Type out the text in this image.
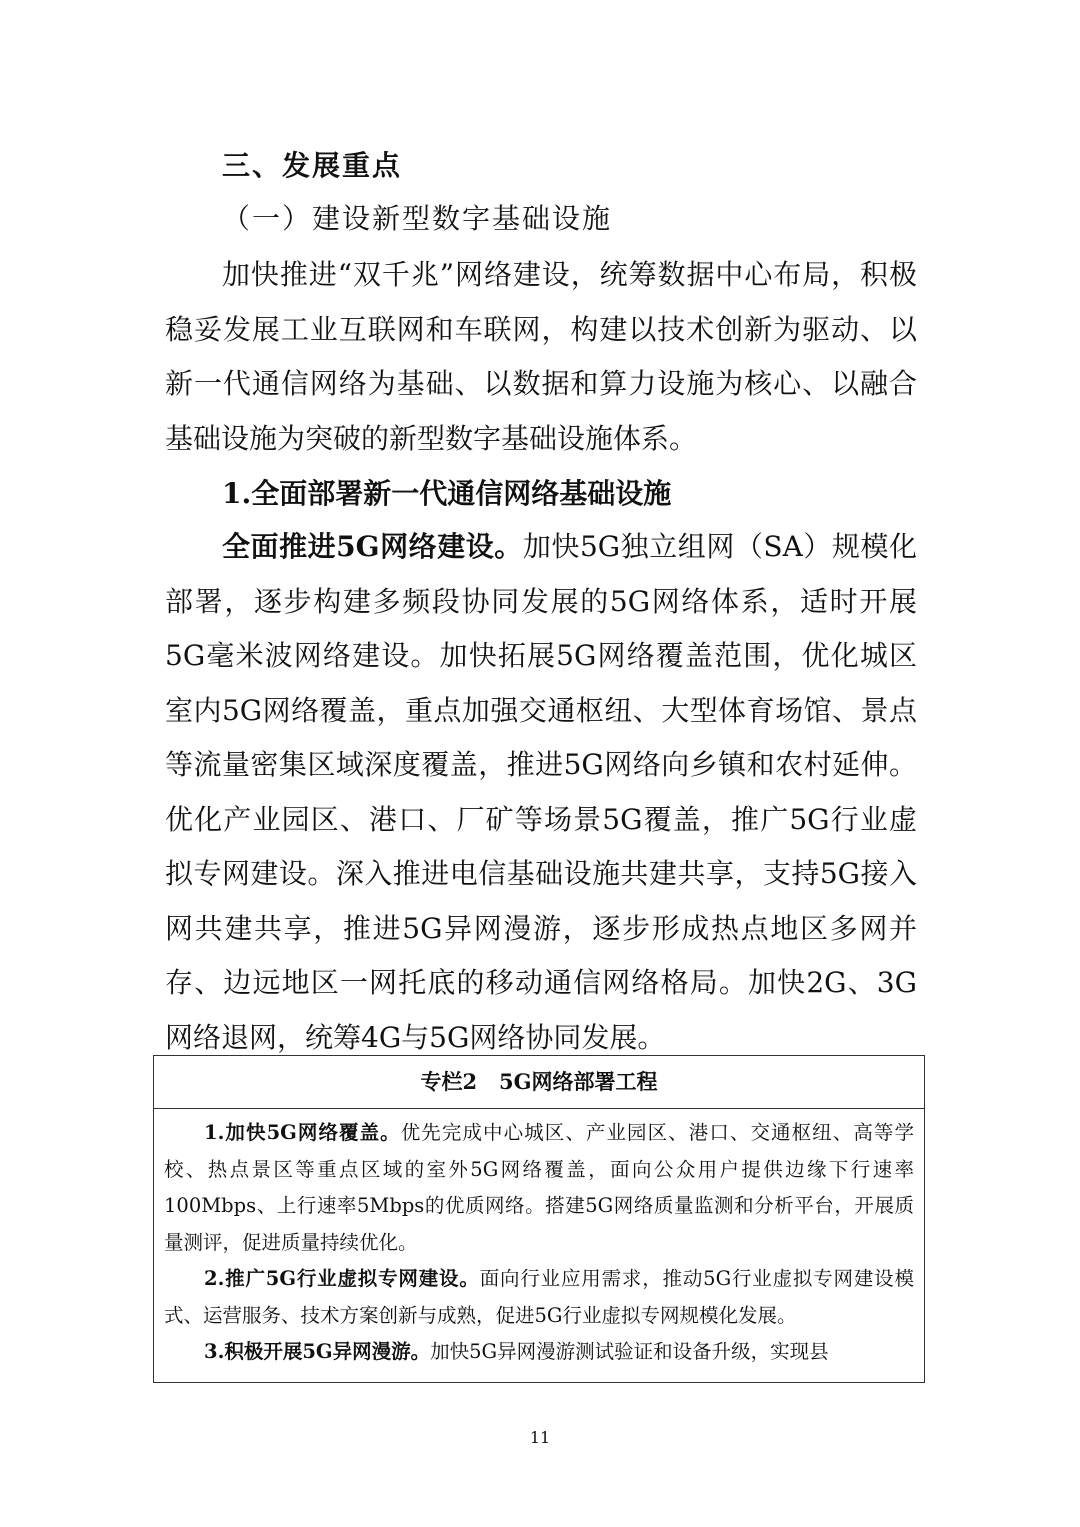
三、发展重点
（一）建设新型数字基础设施

加快推进“双千兆”网络建设，统筹数据中心布局，积极稳妥发展工业互联网和车联网，构建以技术创新为驱动、以新一代通信网络为基础、以数据和算力设施为核心、以融合基础设施为突破的新型数字基础设施体系。

1.全面部署新一代通信网络基础设施

全面推进5G网络建设。加快5G独立组网（SA）规模化部署，逐步构建多频段协同发展的5G网络体系，适时开展5G毫米波网络建设。加快拓展5G网络覆盖范围，优化城区室内5G网络覆盖，重点加强交通枢纽、大型体育场馆、景点等流量密集区域深度覆盖，推进5G网络向乡镇和农村延伸。优化产业园区、港口、厂矿等场景5G覆盖，推广5G行业虚拟专网建设。深入推进电信基础设施共建共享，支持5G接入网共建共享，推进5G异网漫游，逐步形成热点地区多网并存、边远地区一网托底的移动通信网络格局。加快2G、3G网络退网，统筹4G与5G网络协同发展。

专栏2   5G网络部署工程

1.加快5G网络覆盖。优先完成中心城区、产业园区、港口、交通枢纽、高等学校、热点景区等重点区域的室外5G网络覆盖，面向公众用户提供边缘下行速率100Mbps、上行速率5Mbps的优质网络。搭建5G网络质量监测和分析平台，开展质量测评，促进质量持续优化。

2.推广5G行业虚拟专网建设。面向行业应用需求，推动5G行业虚拟专网建设模式、运营服务、技术方案创新与成熟，促进5G行业虚拟专网规模化发展。

3.积极开展5G异网漫游。加快5G异网漫游测试验证和设备升级，实现县

11
